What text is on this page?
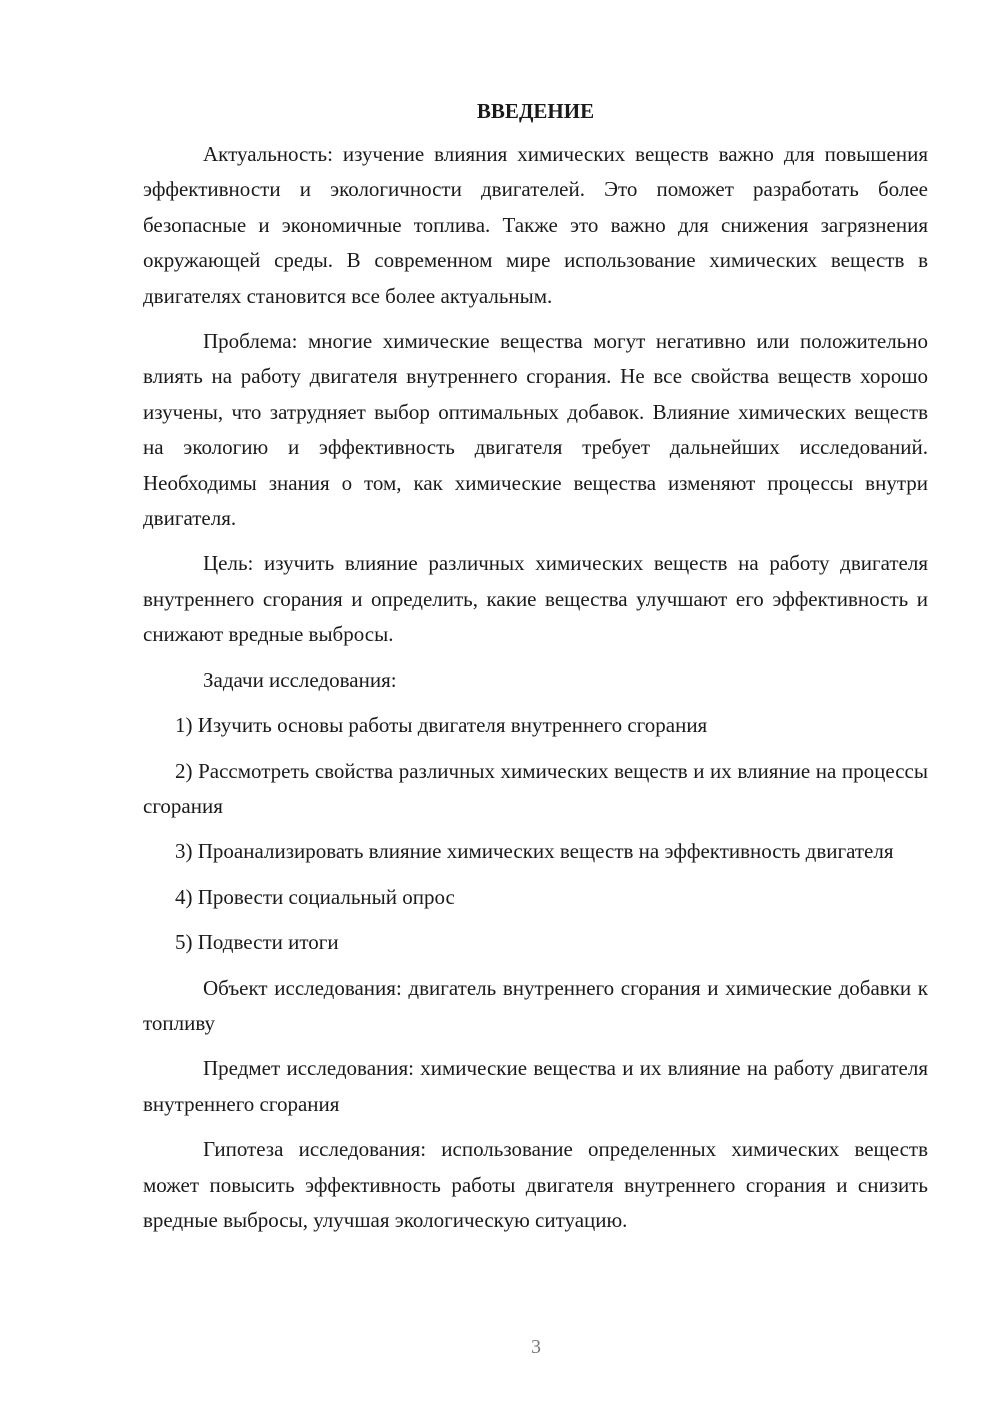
ВВЕДЕНИЕ

Актуальность: изучение влияния химических веществ важно для повышения эффективности и экологичности двигателей. Это поможет разработать более безопасные и экономичные топлива. Также это важно для снижения загрязнения окружающей среды. В современном мире использование химических веществ в двигателях становится все более актуальным.

Проблема: многие химические вещества могут негативно или положительно влиять на работу двигателя внутреннего сгорания. Не все свойства веществ хорошо изучены, что затрудняет выбор оптимальных добавок. Влияние химических веществ на экологию и эффективность двигателя требует дальнейших исследований. Необходимы знания о том, как химические вещества изменяют процессы внутри двигателя.

Цель: изучить влияние различных химических веществ на работу двигателя внутреннего сгорания и определить, какие вещества улучшают его эффективность и снижают вредные выбросы.

Задачи исследования:

1) Изучить основы работы двигателя внутреннего сгорания

2) Рассмотреть свойства различных химических веществ и их влияние на процессы сгорания

3) Проанализировать влияние химических веществ на эффективность двигателя

4) Провести социальный опрос

5) Подвести итоги

Объект исследования: двигатель внутреннего сгорания и химические добавки к топливу

Предмет исследования: химические вещества и их влияние на работу двигателя внутреннего сгорания

Гипотеза исследования: использование определенных химических веществ может повысить эффективность работы двигателя внутреннего сгорания и снизить вредные выбросы, улучшая экологическую ситуацию.

3
